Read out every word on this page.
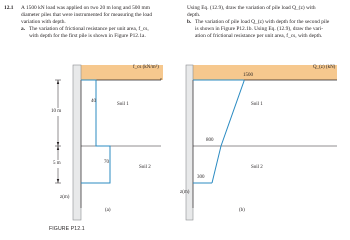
12.1 A 1500 kN load was applied on two 20 m long and 500 mm

diameter piles that were instrumented for measuring the load

variation with depth.

a. The variation of frictional resistance per unit area, f_cs,

with depth for the first pile is shown in Figure P12.1a.

Using Eq. (12.9), draw the variation of pile load Q_(z) with

depth.

b. The variation of pile load Q_(z) with depth for the second pile

is shown in Figure P12.1b. Using Eq. (12.9), draw the vari-

ation of frictional resistance per unit area, f_cs, with depth.

f_cs (kN/m²)
10 m
5 m
40
70
Soil 1
Soil 2
z(m)
(a)
FIGURE P12.1
Q_(z) (kN)
1500
800
300
Soil 1
Soil 2
z(m)
(b)
